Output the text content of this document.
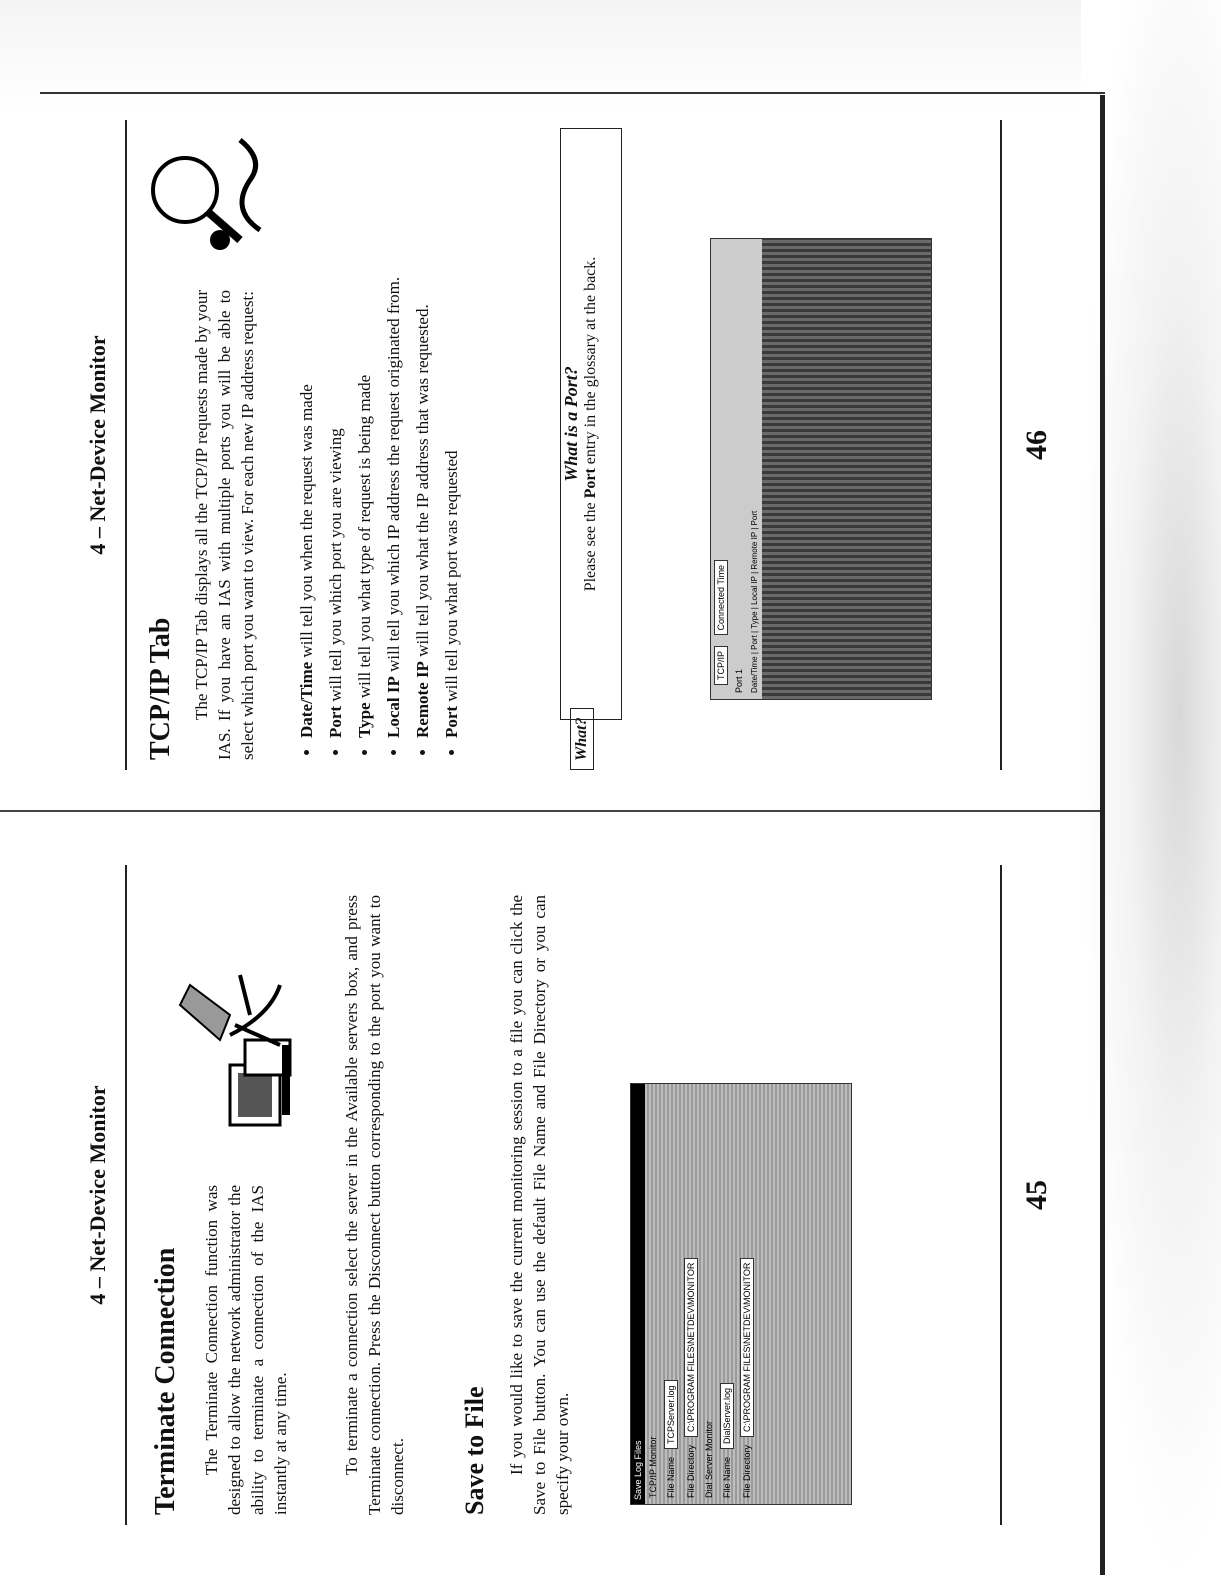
4 – Net-Device Monitor
Terminate Connection The Terminate Connection function was designed to allow the network administrator the ability to terminate a connection of the IAS instantly at any time.	To terminate a connection select the server in the Available servers box, and press Terminate connection. Press the Disconnect button corresponding to the port you want to disconnect. Save to File If you would like to save the current monitoring session to a file you can click the Save to File button. You can use the default File Name and File Directory or you can specify your own.	Save Log Files TCP/IP Monitor File NameTCPServer.log
File DirectoryC:\PROGRAM FILES\NETDEV\MONITOR
Dial Server Monitor File NameDialServer.log
File DirectoryC:\PROGRAM FILES\NETDEV\MONITOR
45
4 – Net-Device Monitor
TCP/IP Tab The TCP/IP Tab displays all the TCP/IP requests made by your IAS. If you have an IAS with multiple ports you will be able to select which port you want to view. For each new IP address request:
• Date/Time will tell you when the request was made
• Port will tell you which port you are viewing
• Type will tell you what type of request is being made
• Local IP will tell you which IP address the request originated from.
• Remote IP will tell you what the IP address that was requested.
• Port will tell you what port was requested
What?
What is a Port?
Please see the Port entry in the glossary at the back.
TCP/IP Connected Time
Port 1 Date/Time | Port | Type | Local IP | Remote IP | Port
46
